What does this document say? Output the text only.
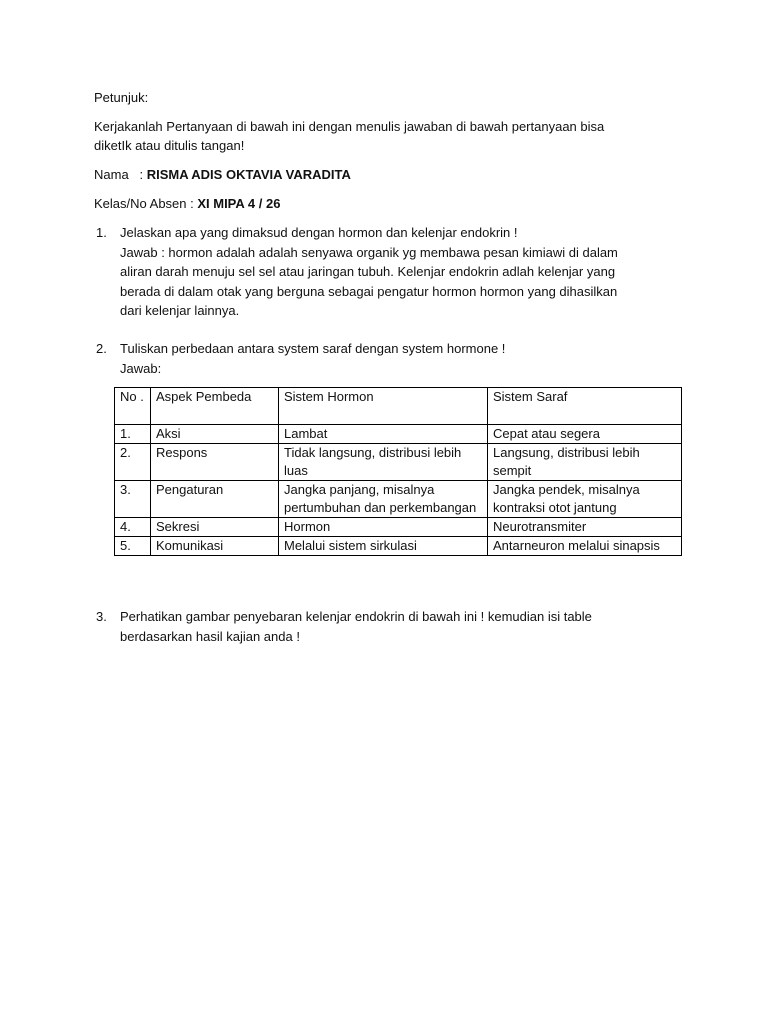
Petunjuk:
Kerjakanlah Pertanyaan di bawah ini dengan menulis jawaban di bawah pertanyaan bisa
diketIk atau ditulis tangan!
Nama   : RISMA ADIS OKTAVIA VARADITA
Kelas/No Absen : XI MIPA 4 / 26
1. Jelaskan apa yang dimaksud dengan hormon dan kelenjar endokrin !

Jawab : hormon adalah adalah senyawa organik yg membawa pesan kimiawi di dalam

aliran darah menuju sel sel atau jaringan tubuh. Kelenjar endokrin adlah kelenjar yang

berada di dalam otak yang berguna sebagai pengatur hormon hormon yang dihasilkan

dari kelenjar lainnya.

2. Tuliskan perbedaan antara system saraf dengan system hormone !

Jawab:

No .	Aspek Pembeda	Sistem Hormon	Sistem Saraf
1.	Aksi	Lambat	Cepat atau segera
2.	Respons	Tidak langsung, distribusi lebih luas	Langsung, distribusi lebih sempit
3.	Pengaturan	Jangka panjang, misalnya pertumbuhan dan perkembangan	Jangka pendek, misalnya kontraksi otot jantung
4.	Sekresi	Hormon	Neurotransmiter
5.	Komunikasi	Melalui sistem sirkulasi	Antarneuron melalui sinapsis
3. Perhatikan gambar penyebaran kelenjar endokrin di bawah ini ! kemudian isi table

berdasarkan hasil kajian anda !
